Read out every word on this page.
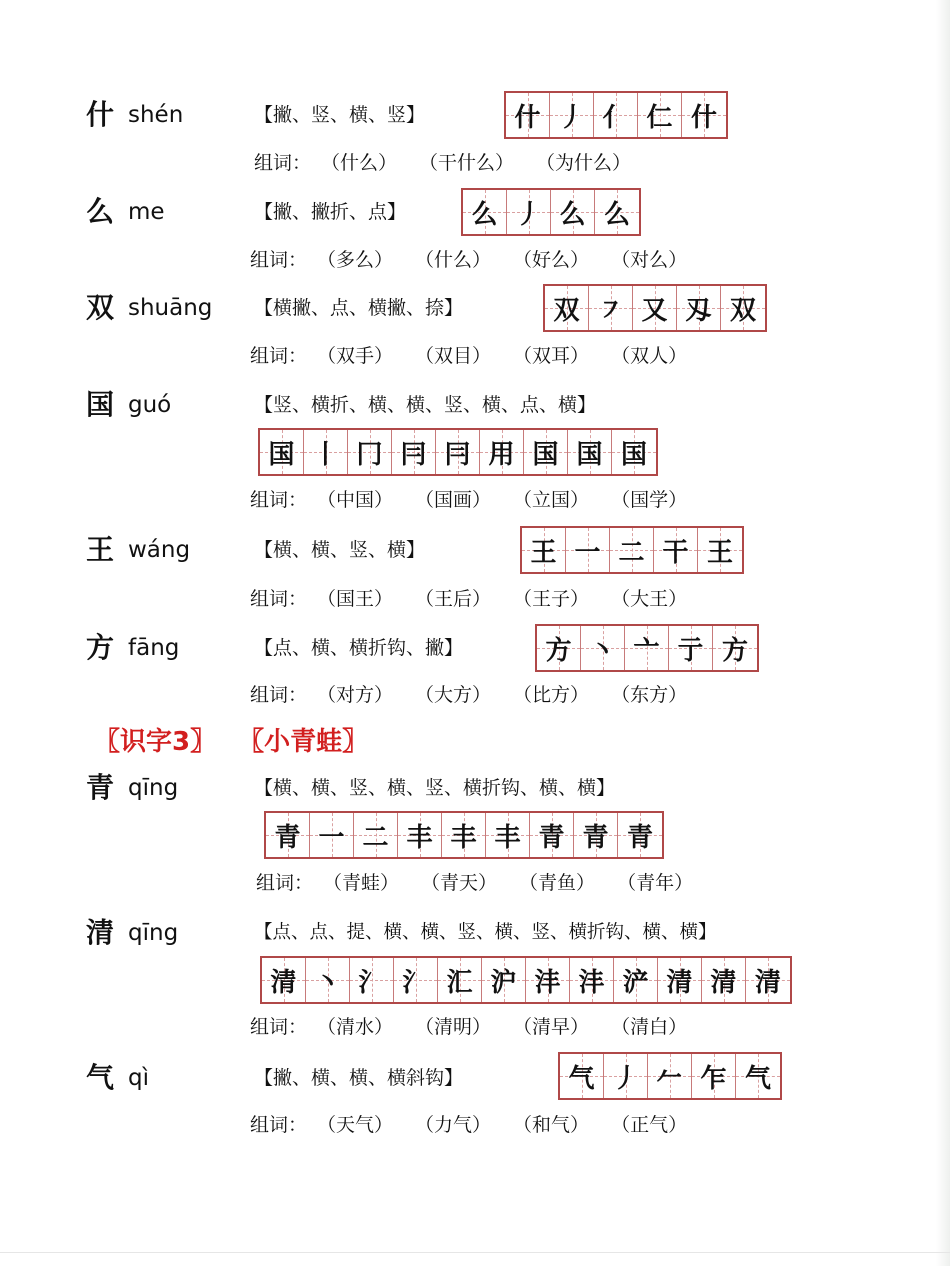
什 shén	【撇、竖、横、竖】	什 丿 亻 仁 什
组词： （什么） （干什么） （为什么）
么 me	【撇、撇折、点】	么 丿 么 么
组词： （多么） （什么） （好么） （对么）
双 shuāng 【横撇、点、横撇、捺】	双 ㇇ 又 刄 双
组词： （双手） （双目） （双耳） （双人）
国 guó	【竖、横折、横、横、竖、横、点、横】
国 丨 冂 冃 冃 用 国 国 国
组词： （中国） （国画） （立国） （国学）
王 wáng	【横、横、竖、横】	王 一 二 干 王
组词： （国王） （王后） （王子） （大王）
方 fāng	【点、横、横折钩、撇】	方 丶 亠 亍 方
组词： （对方） （大方） （比方） （东方）
〖识字3〗 〖小青蛙〗
青 qīng	【横、横、竖、横、竖、横折钩、横、横】
青 一 二 丰 丰 丰 青 青 青
组词： （青蛙） （青天） （青鱼） （青年）
清 qīng	【点、点、提、横、横、竖、横、竖、横折钩、横、横】
清 丶 氵 氵 汇 沪 沣 沣 浐 清 清 清
组词： （清水） （清明） （清早） （清白）
气 qì	【撇、横、横、横斜钩】	气 丿 𠂉 乍 气
组词： （天气） （力气） （和气） （正气）
